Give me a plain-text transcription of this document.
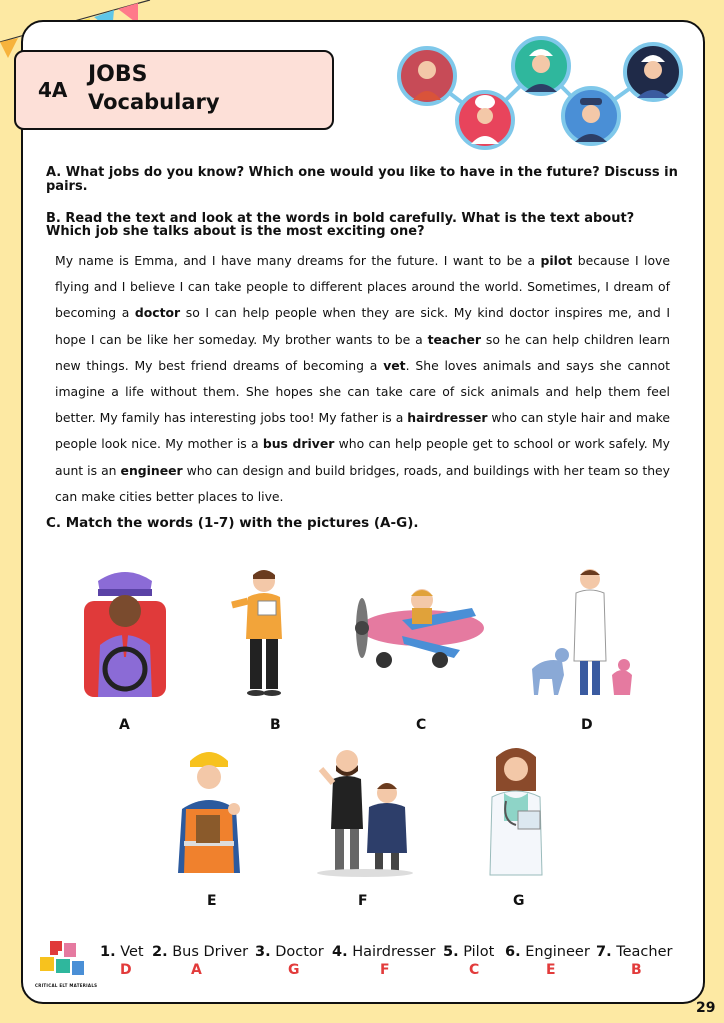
4A
JOBS
Vocabulary
A. What jobs do you know? Which one would you like to have in the future? Discuss in pairs.
B. Read the text and look at the words in bold carefully. What is the text about?
Which job she talks about is the most exciting one?
My name is Emma, and I have many dreams for the future. I want to be a pilot because I love flying and I believe I can take people to different places around the world. Sometimes, I dream of becoming a doctor so I can help people when they are sick. My kind doctor inspires me, and I hope I can be like her someday. My brother wants to be a teacher so he can help children learn new things. My best friend dreams of becoming a vet. She loves animals and says she cannot imagine a life without them. She hopes she can take care of sick animals and help them feel better. My family has interesting jobs too! My father is a hairdresser who can style hair and make people look nice. My mother is a bus driver who can help people get to school or work safely. My aunt is an engineer who can design and build bridges, roads, and buildings with her team so they can make cities better places to live.
C. Match the words (1-7) with the pictures (A-G).
A	B	C	D
E	F	G
CRITICAL ELT MATERIALS
1. Vet
D
2. Bus Driver
A
3. Doctor
G
4. Hairdresser
F
5. Pilot
C
6. Engineer
E
7. Teacher
B
29
